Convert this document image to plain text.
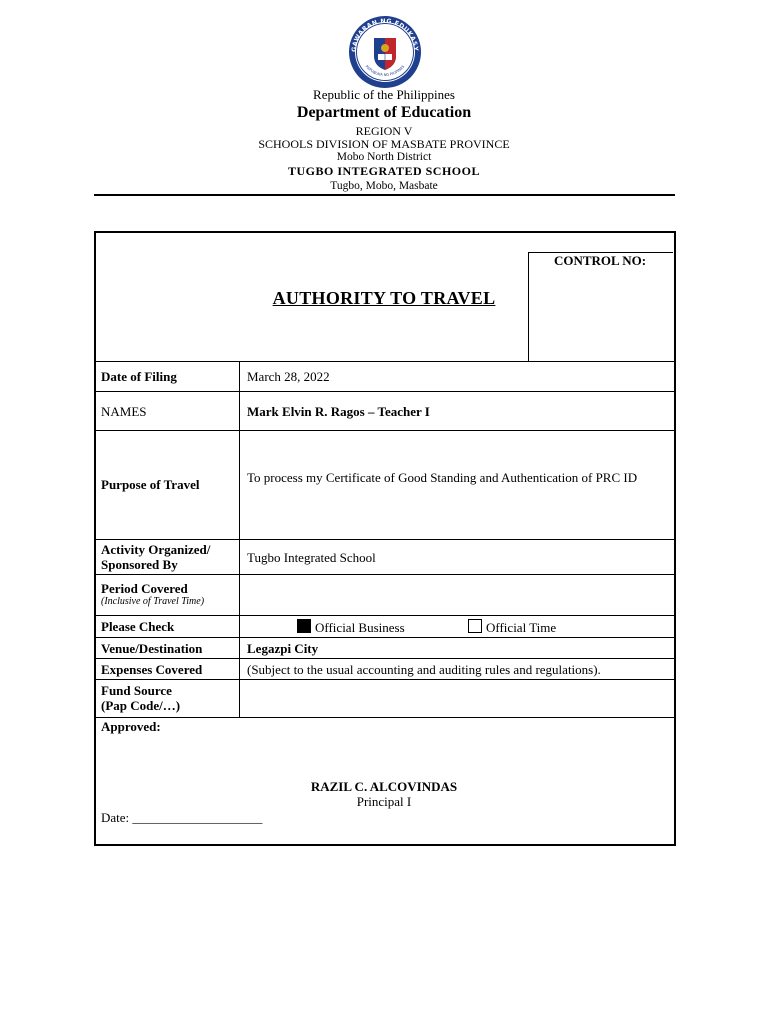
GAWARAN NG EDUKASY
REPUBLIKA NG PILIPINAS
Republic of the Philippines
Department of Education
REGION V
SCHOOLS DIVISION OF MASBATE PROVINCE
Mobo North District
TUGBO INTEGRATED SCHOOL
Tugbo, Mobo, Masbate
CONTROL NO:
AUTHORITY TO TRAVEL
Date of Filing	March 28, 2022
NAMES	Mark Elvin R. Ragos – Teacher I
Purpose of Travel	To process my Certificate of Good Standing and Authentication of PRC ID
Activity Organized/
Sponsored By	Tugbo Integrated School
Period Covered
(Inclusive of Travel Time)
Please Check	Official Business	Official Time
Venue/Destination	Legazpi City
Expenses Covered	(Subject to the usual accounting and auditing rules and regulations).
Fund Source
(Pap Code/…)
Approved:
RAZIL C. ALCOVINDAS
Principal I
Date: ____________________
